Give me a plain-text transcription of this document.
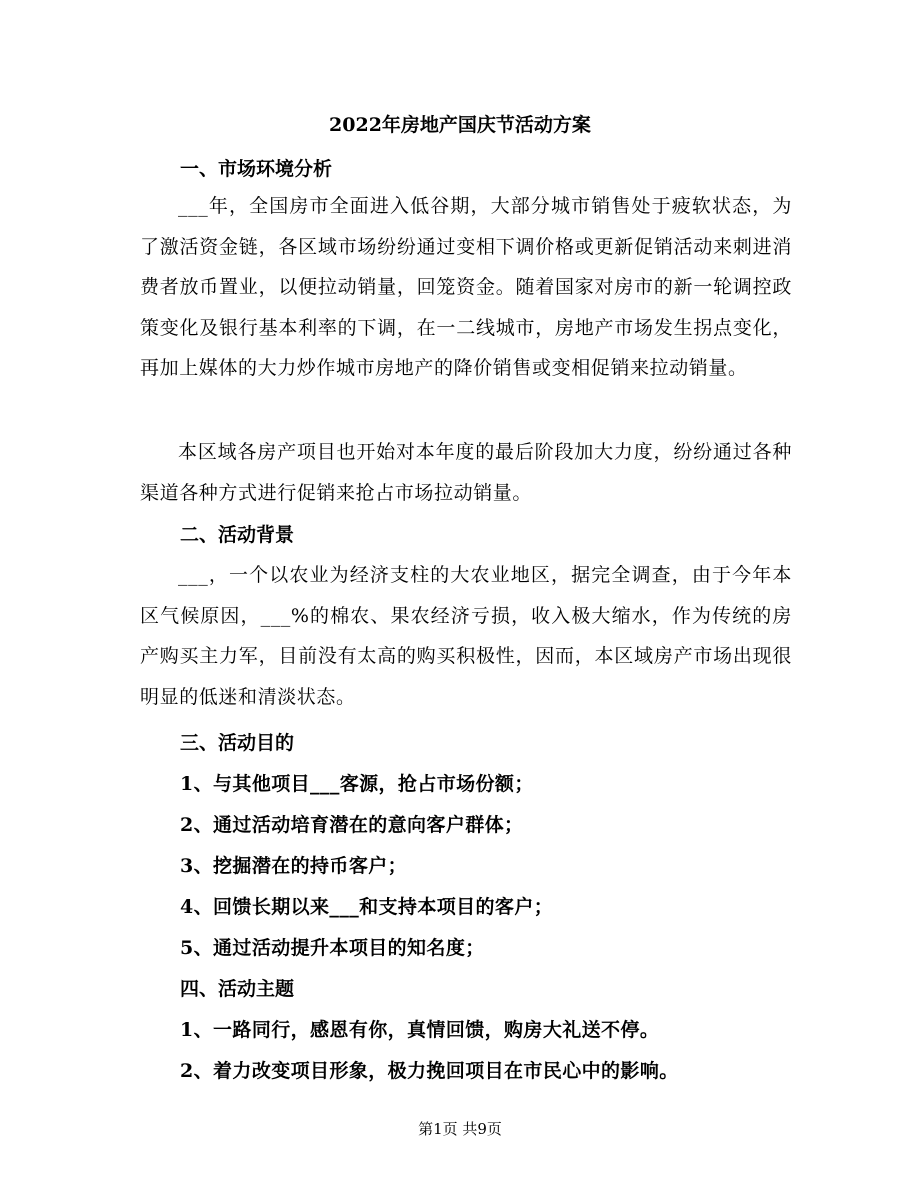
2022年房地产国庆节活动方案
一、市场环境分析
___年，全国房市全面进入低谷期，大部分城市销售处于疲软状态，为了激活资金链，各区域市场纷纷通过变相下调价格或更新促销活动来刺进消费者放币置业，以便拉动销量，回笼资金。随着国家对房市的新一轮调控政策变化及银行基本利率的下调，在一二线城市，房地产市场发生拐点变化，再加上媒体的大力炒作城市房地产的降价销售或变相促销来拉动销量。
本区域各房产项目也开始对本年度的最后阶段加大力度，纷纷通过各种渠道各种方式进行促销来抢占市场拉动销量。
二、活动背景
___，一个以农业为经济支柱的大农业地区，据完全调查，由于今年本区气候原因，___%的棉农、果农经济亏损，收入极大缩水，作为传统的房产购买主力军，目前没有太高的购买积极性，因而，本区域房产市场出现很明显的低迷和清淡状态。
三、活动目的
1、与其他项目___客源，抢占市场份额；
2、通过活动培育潜在的意向客户群体；
3、挖掘潜在的持币客户；
4、回馈长期以来___和支持本项目的客户；
5、通过活动提升本项目的知名度；
四、活动主题
1、一路同行，感恩有你，真情回馈，购房大礼送不停。
2、着力改变项目形象，极力挽回项目在市民心中的影响。
第1页 共9页
